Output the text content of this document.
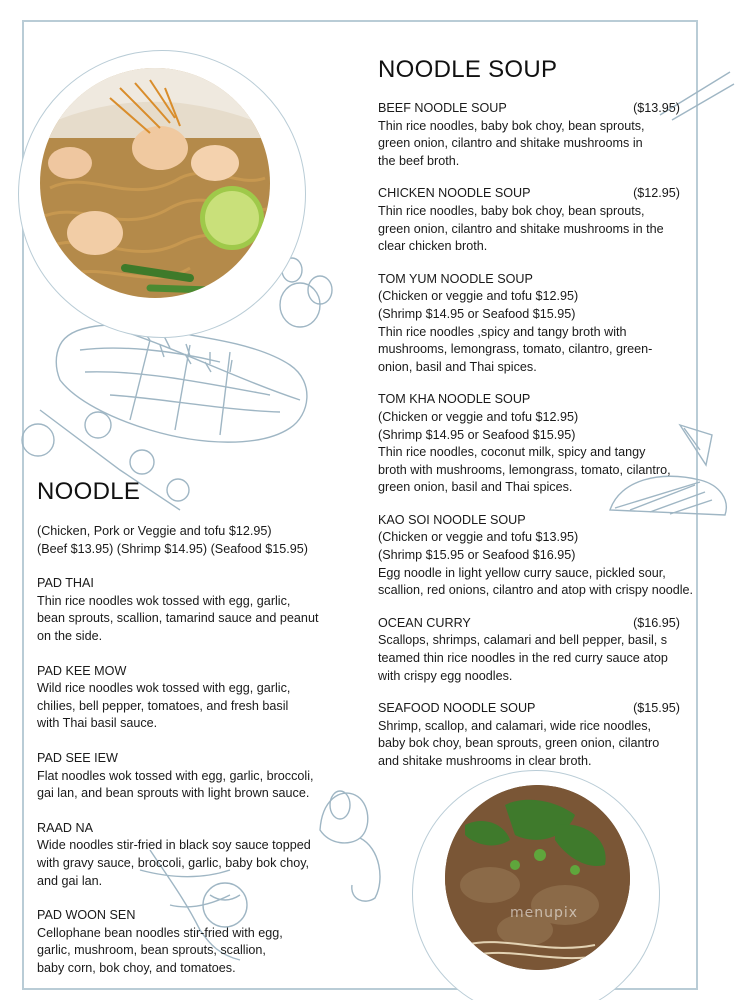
menupix
NOODLE
(Chicken, Pork or Veggie and tofu $12.95)
(Beef $13.95) (Shrimp $14.95) (Seafood $15.95)
PAD THAI
Thin rice noodles wok tossed with egg, garlic,
bean sprouts, scallion, tamarind sauce and peanut
on the side.
PAD KEE MOW
Wild rice noodles wok tossed with egg, garlic,
chilies, bell pepper, tomatoes, and fresh basil
with Thai basil sauce.
PAD SEE IEW
Flat noodles wok tossed with egg, garlic, broccoli,
gai lan, and bean sprouts with light brown sauce.
RAAD NA
Wide noodles stir-fried in black soy sauce topped
with gravy sauce, broccoli, garlic, baby bok choy,
and gai lan.
PAD WOON SEN
Cellophane bean noodles stir-fried with egg,
garlic, mushroom, bean sprouts, scallion,
baby corn, bok choy, and tomatoes.
NOODLE SOUP
BEEF NOODLE SOUP	($13.95)
Thin rice noodles, baby bok choy, bean sprouts,
green onion, cilantro and shitake mushrooms in
the beef broth.
CHICKEN NOODLE SOUP	($12.95)
Thin rice noodles, baby bok choy, bean sprouts,
green onion, cilantro and shitake mushrooms in the
clear chicken broth.
TOM YUM NOODLE SOUP
(Chicken or veggie and tofu $12.95)
(Shrimp $14.95 or Seafood $15.95)
Thin rice noodles ,spicy and tangy broth with
mushrooms, lemongrass, tomato, cilantro, green-
onion, basil and Thai spices.
TOM KHA NOODLE SOUP
(Chicken or veggie and tofu $12.95)
(Shrimp $14.95 or Seafood $15.95)
Thin rice noodles, coconut milk, spicy and tangy
broth with mushrooms, lemongrass, tomato, cilantro,
green onion, basil and Thai spices.
KAO SOI NOODLE SOUP
(Chicken or veggie and tofu $13.95)
(Shrimp $15.95 or Seafood $16.95)
Egg noodle in light yellow curry sauce, pickled sour,
scallion, red onions, cilantro and atop with crispy noodle.
OCEAN CURRY	($16.95)
Scallops, shrimps, calamari and bell pepper, basil, s
teamed thin rice noodles in the red curry sauce atop
with crispy egg noodles.
SEAFOOD NOODLE SOUP	($15.95)
Shrimp, scallop, and calamari, wide rice noodles,
baby bok choy, bean sprouts, green onion, cilantro
and shitake mushrooms in clear broth.
